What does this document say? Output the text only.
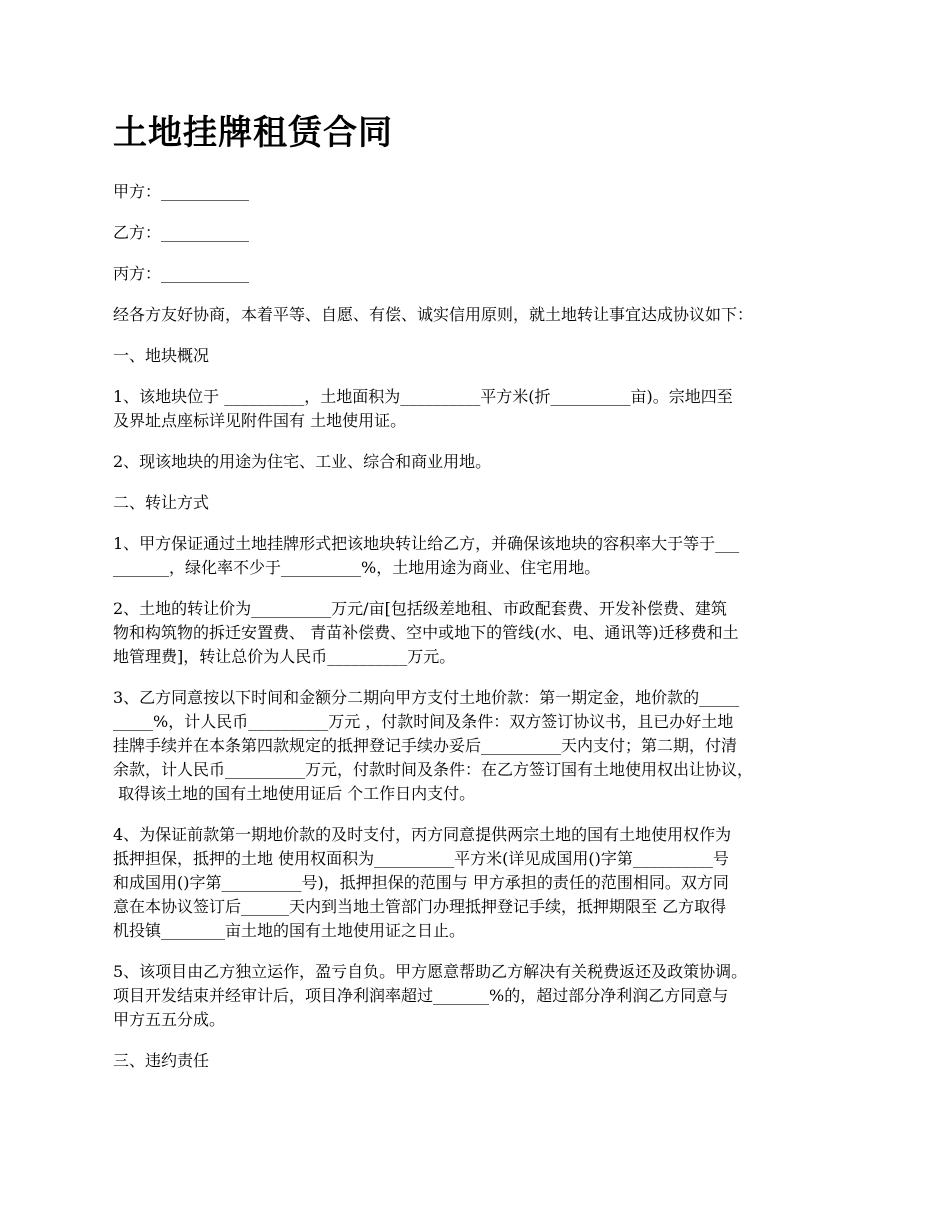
土地挂牌租赁合同

甲方：___________

乙方：___________

丙方：___________

经各方友好协商，本着平等、自愿、有偿、诚实信用原则，就土地转让事宜达成协议如下：

一、地块概况

1、该地块位于 __________，土地面积为__________平方米(折__________亩)。宗地四至
及界址点座标详见附件国有 土地使用证。

2、现该地块的用途为住宅、工业、综合和商业用地。

二、转让方式

1、甲方保证通过土地挂牌形式把该地块转让给乙方，并确保该地块的容积率大于等于___
_______，绿化率不少于__________%，土地用途为商业、住宅用地。

2、土地的转让价为__________万元/亩[包括级差地租、市政配套费、开发补偿费、建筑
物和构筑物的拆迁安置费、 青苗补偿费、空中或地下的管线(水、电、通讯等)迁移费和土
地管理费]，转让总价为人民币__________万元。

3、乙方同意按以下时间和金额分二期向甲方支付土地价款：第一期定金，地价款的_____
_____%，计人民币__________万元 ，付款时间及条件：双方签订协议书，且已办好土地
挂牌手续并在本条第四款规定的抵押登记手续办妥后__________天内支付；第二期，付清
余款，计人民币__________万元，付款时间及条件：在乙方签订国有土地使用权出让协议，
取得该土地的国有土地使用证后 个工作日内支付。

4、为保证前款第一期地价款的及时支付，丙方同意提供两宗土地的国有土地使用权作为
抵押担保，抵押的土地 使用权面积为__________平方米(详见成国用()字第__________号
和成国用()字第__________号)，抵押担保的范围与 甲方承担的责任的范围相同。双方同
意在本协议签订后______天内到当地土管部门办理抵押登记手续，抵押期限至 乙方取得
机投镇________亩土地的国有土地使用证之日止。

5、该项目由乙方独立运作，盈亏自负。甲方愿意帮助乙方解决有关税费返还及政策协调。
项目开发结束并经审计后，项目净利润率超过_______%的，超过部分净利润乙方同意与
甲方五五分成。

三、违约责任
